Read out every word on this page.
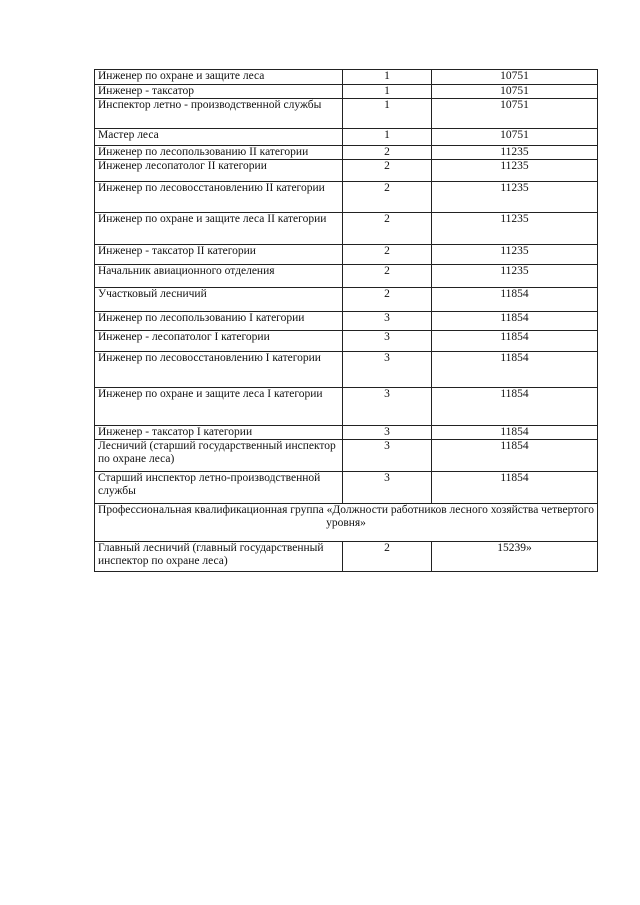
Инженер по охране и защите леса	1	10751
Инженер - таксатор	1	10751
Инспектор летно - производственной службы	1	10751
Мастер леса	1	10751
Инженер по лесопользованию II категории	2	11235
Инженер лесопатолог II категории	2	11235
Инженер по лесовосстановлению II категории	2	11235
Инженер по охране и защите леса II категории	2	11235
Инженер - таксатор II категории	2	11235
Начальник авиационного отделения	2	11235
Участковый лесничий	2	11854
Инженер по лесопользованию I категории	3	11854
Инженер - лесопатолог I категории	3	11854
Инженер по лесовосстановлению I категории	3	11854
Инженер по охране и защите леса I категории	3	11854
Инженер - таксатор I категории	3	11854
Лесничий (старший государственный инспектор по охране леса)	3	11854
Старший инспектор летно-производственной службы	3	11854
Профессиональная квалификационная группа «Должности работников лесного хозяйства четвертого уровня»		
Главный лесничий (главный государственный инспектор по охране леса)	2	15239»
